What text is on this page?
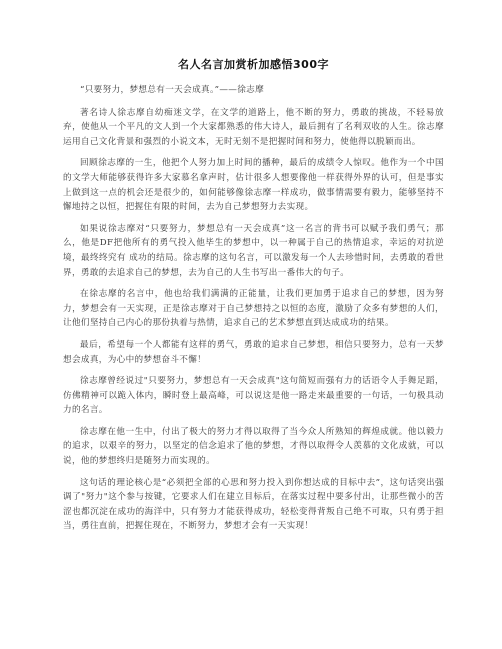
名人名言加赏析加感悟300字

“只要努力，梦想总有一天会成真。”——徐志摩

著名诗人徐志摩自幼痴迷文学，在文学的道路上，他不断的努力，勇敢的挑战，不轻易放弃，使他从一个平凡的文人到一个大家都熟悉的伟大诗人，最后拥有了名利双收的人生。徐志摩运用自己文化背景和强烈的小说文本，无时无刻不是把握时间和努力，使他得以脱颖而出。

回顾徐志摩的一生，他把个人努力加上时间的播种，最后的成绩令人惊叹。他作为一个中国的文学大师能够获得许多大家慕名拿声时，估计很多人想要像他一样获得外界的认可，但是事实上做到这一点的机会还是很少的，如何能够像徐志摩一样成功，做事情需要有毅力，能够坚持不懈地持之以恒，把握住有限的时间，去为自己梦想努力去实现。

如果说徐志摩对“只要努力，梦想总有一天会成真”这一名言的背书可以赋予我们勇气；那么，他是DF把他所有的勇气投入他毕生的梦想中，以一种属于自己的热情追求，幸运的对抗逆境，最终终究有 成功的结局。徐志摩的这句名言，可以激发每一个人去珍惜时间，去勇敢的看世界，勇敢的去追求自己的梦想，去为自己的人生书写出一番伟大的句子。

在徐志摩的名言中，他也给我们满满的正能量，让我们更加勇于追求自己的梦想，因为努力，梦想会有一天实现，正是徐志摩对于自己梦想持之以恒的态度，激励了众多有梦想的人们，让他们坚持自己内心的那份执着与热情，追求自己的艺术梦想直到达成成功的结果。

最后，希望每一个人都能有这样的勇气，勇敢的追求自己梦想，相信只要努力，总有一天梦想会成真，为心中的梦想奋斗不懈！

徐志摩曾经说过"只要努力，梦想总有一天会成真"这句简短而强有力的话语令人手舞足蹈，仿佛精神可以跪入体内，瞬时登上最高峰，可以说这是他一路走来最重要的一句话，一句极具动力的名言。

徐志摩在他一生中，付出了极大的努力才得以取得了当今众人所熟知的辉煌成就。他以毅力的追求，以艰辛的努力，以坚定的信念追求了他的梦想，才得以取得令人羡慕的文化成就，可以说，他的梦想终归是随努力而实现的。

这句话的理论核心是“必须把全部的心思和努力投入到你想达成的目标中去”，这句话突出强调了"努力"这个参与按键，它要求人们在建立目标后，在落实过程中要多付出，让那些微小的苦涩也都沉淀在成功的海洋中，只有努力才能获得成功，轻松变得背叛自己绝不可取，只有勇于担当，勇往直前，把握住现在，不断努力，梦想才会有一天实现！
